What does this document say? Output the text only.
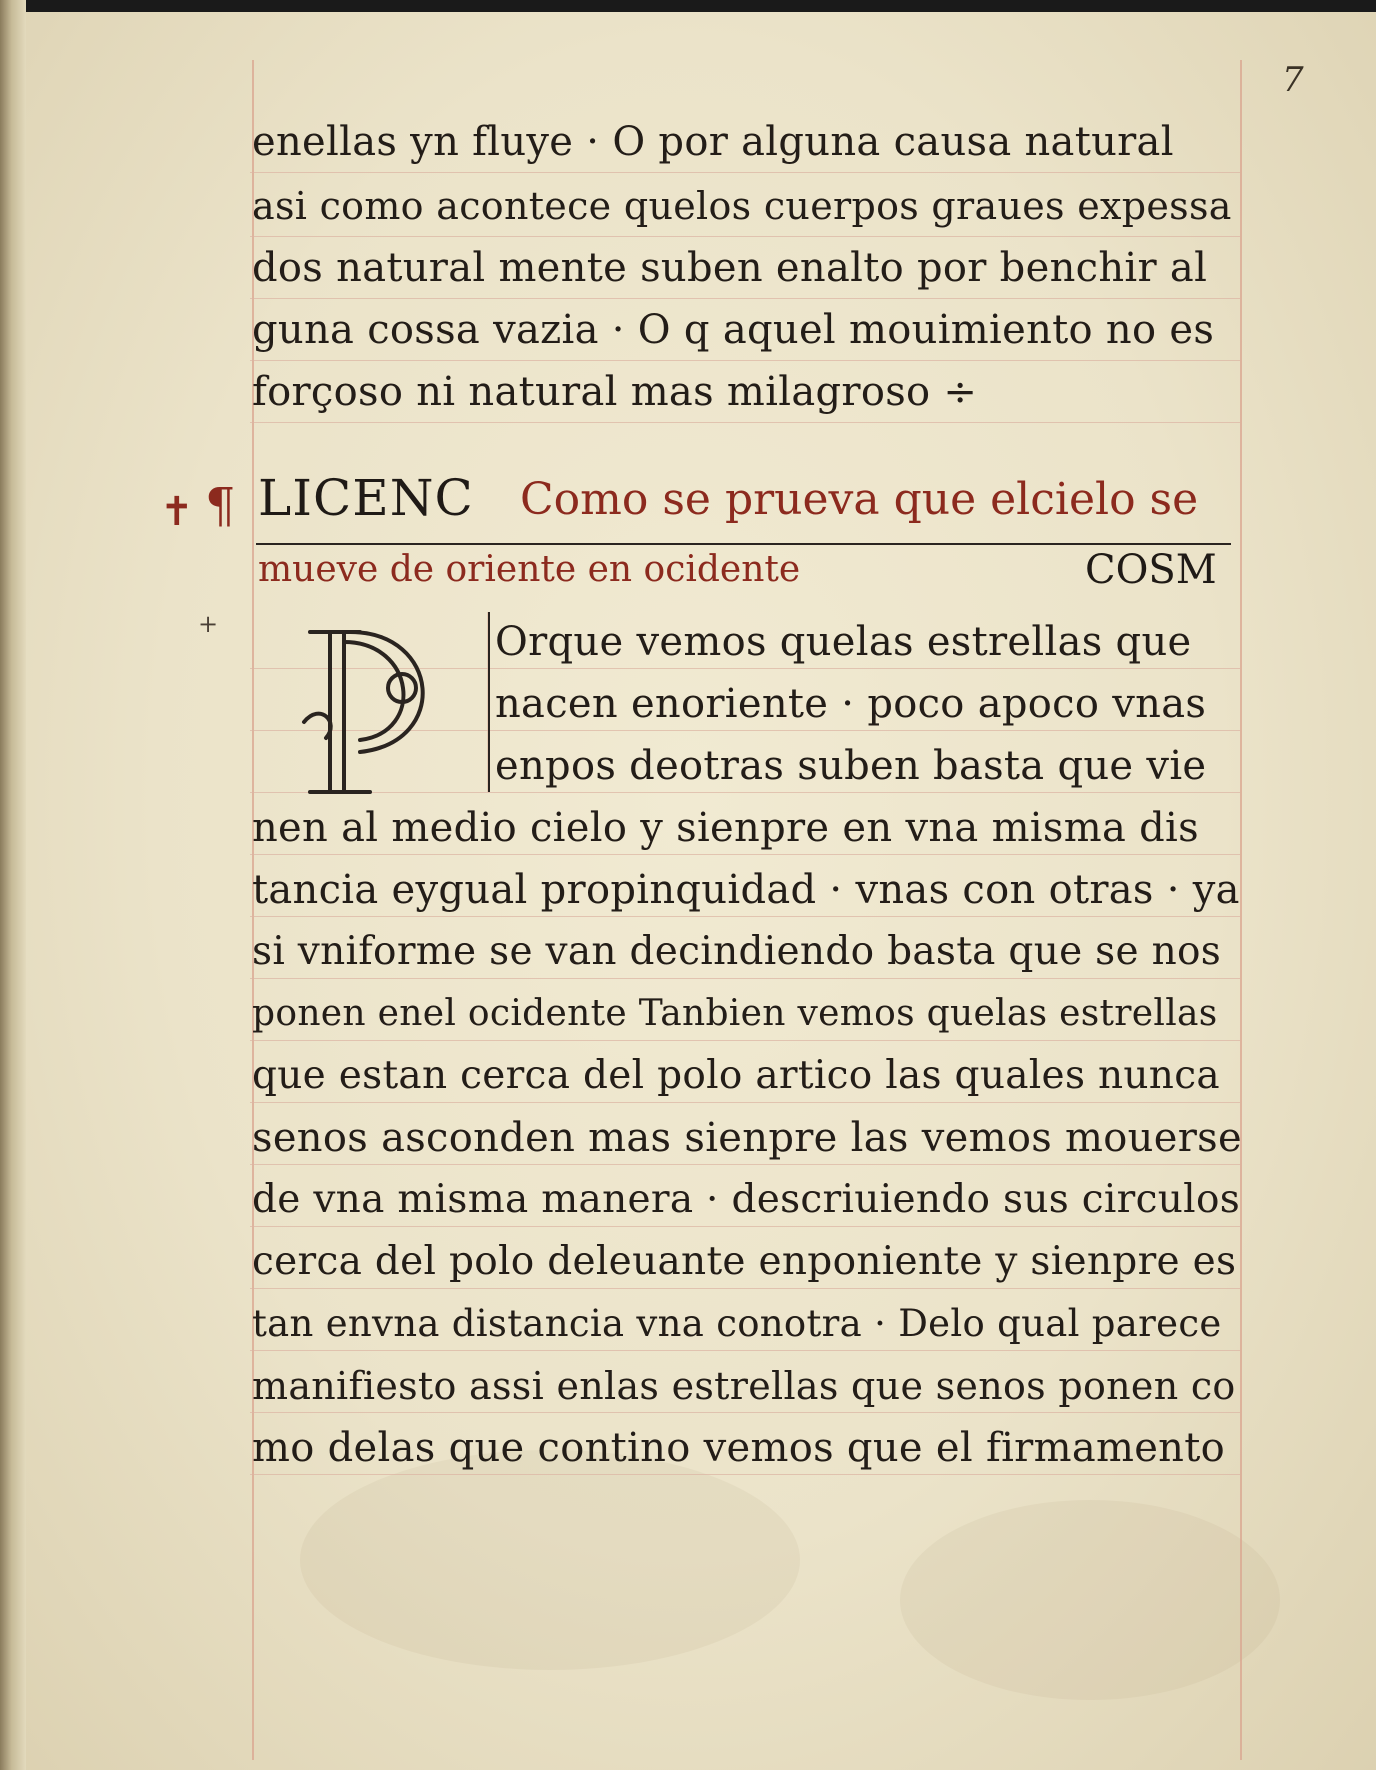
7
enellas yn fluye · O por alguna causa natural
asi como acontece quelos cuerpos graues expessa
dos natural mente suben enalto por benchir al
guna cossa vazia · O q aquel mouimiento no es
forçoso ni natural mas milagroso ÷
✝ ¶
+
LICENC Como se prueva que elcielo se
mueve de oriente en ocidente	COSM
P
Orque vemos quelas estrellas que
nacen enoriente · poco apoco vnas
enpos deotras suben basta que vie
nen al medio cielo y sienpre en vna misma dis
tancia eygual propinquidad · vnas con otras · ya
si vniforme se van decindiendo basta que se nos
ponen enel ocidente Tanbien vemos quelas estrellas
que estan cerca del polo artico las quales nunca
senos asconden mas sienpre las vemos mouerse
de vna misma manera · descriuiendo sus circulos
cerca del polo deleuante enponiente y sienpre es
tan envna distancia vna conotra · Delo qual parece
manifiesto assi enlas estrellas que senos ponen co
mo delas que contino vemos que el firmamento
